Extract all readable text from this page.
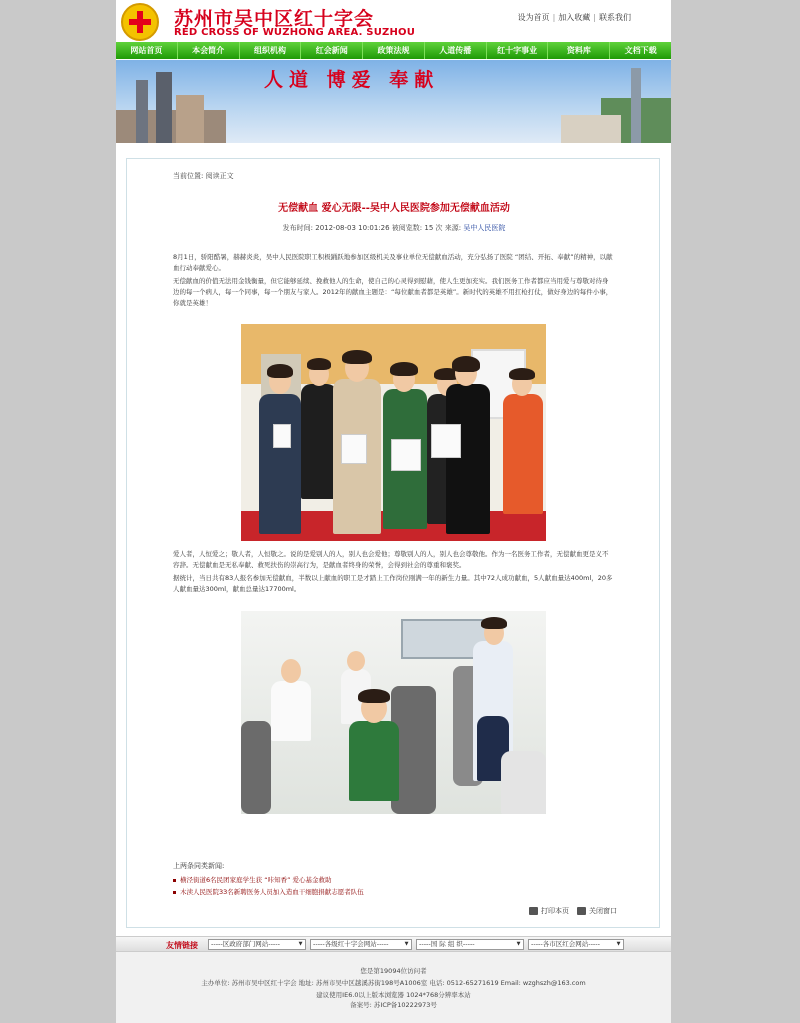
苏州市吴中区红十字会
RED CROSS OF WUZHONG AREA. SUZHOU
设为首页 | 加入收藏 | 联系我们
网站首页	本会简介	组织机构	红会新闻	政策法规	人道传播	红十字事业	资料库	文档下载
人道 博爱 奉献
当前位置: 阅读正文
无偿献血 爱心无限--吴中人民医院参加无偿献血活动
发布时间: 2012-08-03 10:01:26 被阅览数: 15 次 来源: 吴中人民医院
8月1日，骄阳酷暑，赫赫炎炎，吴中人民医院职工积极踊跃地参加区级机关及事业单位无偿献血活动，充分弘扬了医院 “团结、开拓、奉献”的精神，以献血行动奉献爱心。
无偿献血的价值无法用金钱衡量，但它能够延续、挽救他人的生命，使自己的心灵得到慰藉，使人生更加充实。我们医务工作者都应当用爱与尊敬对待身边的每一个病人，每一个同事，每一个朋友与家人。2012年的献血主题是：“每位献血者都是英雄”。新时代的英雄不用扛枪打仗，做好身边的每件小事，你就是英雄！
爱人者，人恒爱之；敬人者，人恒敬之。说的是爱别人的人，别人也会爱他；尊敬别人的人，别人也会尊敬他。作为一名医务工作者，无偿献血更是义不容辞。无偿献血是无私奉献、救死扶伤的崇高行为，是献血者终身的荣誉，会得到社会的尊重和褒奖。
据统计，当日共有83人报名参加无偿献血，半数以上献血的职工是才踏上工作岗位刚满一年的新生力量。其中72人成功献血，5人献血量达400ml，20多人献血量达300ml，献血总量达17700ml。
上两条同类新闻:
横泾街道6名民团家庭学生获 “咔知香” 爱心基金救助
木渎人民医院33名新聘医务人员加入造血干细胞捐献志愿者队伍
打印本页	关闭窗口
友情链接	-----区政府部门网站-----	▼	-----各级红十字会网站-----	▼	-----国 际 组 织-----	▼	-----各市区红会网站-----	▼
您是第19094位访问者
主办单位: 苏州市吴中区红十字会 地址: 苏州市吴中区越溪苏街198号A1006室 电话: 0512-65271619 Email: wzghszh@163.com
建议使用IE6.0以上版本浏览器 1024*768分辨率本站
备案号: 苏ICP备10222973号
